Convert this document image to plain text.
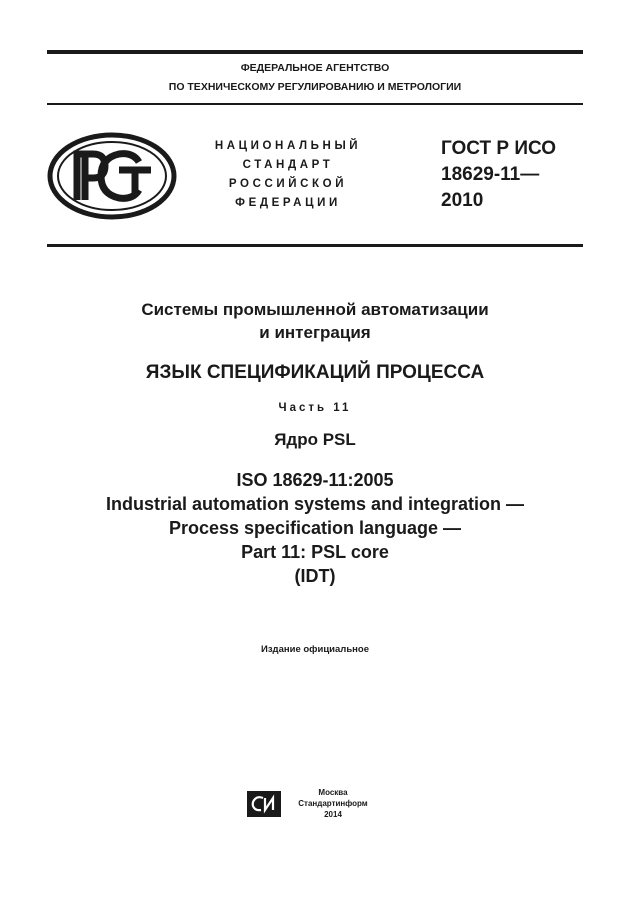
ФЕДЕРАЛЬНОЕ АГЕНТСТВО
ПО ТЕХНИЧЕСКОМУ РЕГУЛИРОВАНИЮ И МЕТРОЛОГИИ
НАЦИОНАЛЬНЫЙ
СТАНДАРТ
РОССИЙСКОЙ
ФЕДЕРАЦИИ
ГОСТ Р ИСО
18629-11—
2010
Системы промышленной автоматизации
и интеграция
ЯЗЫК СПЕЦИФИКАЦИЙ ПРОЦЕССА
Часть 11
Ядро PSL
ISO 18629-11:2005
Industrial automation systems and integration —
Process specification language —
Part 11: PSL core
(IDT)
Издание официальное
Москва
Стандартинформ
2014
